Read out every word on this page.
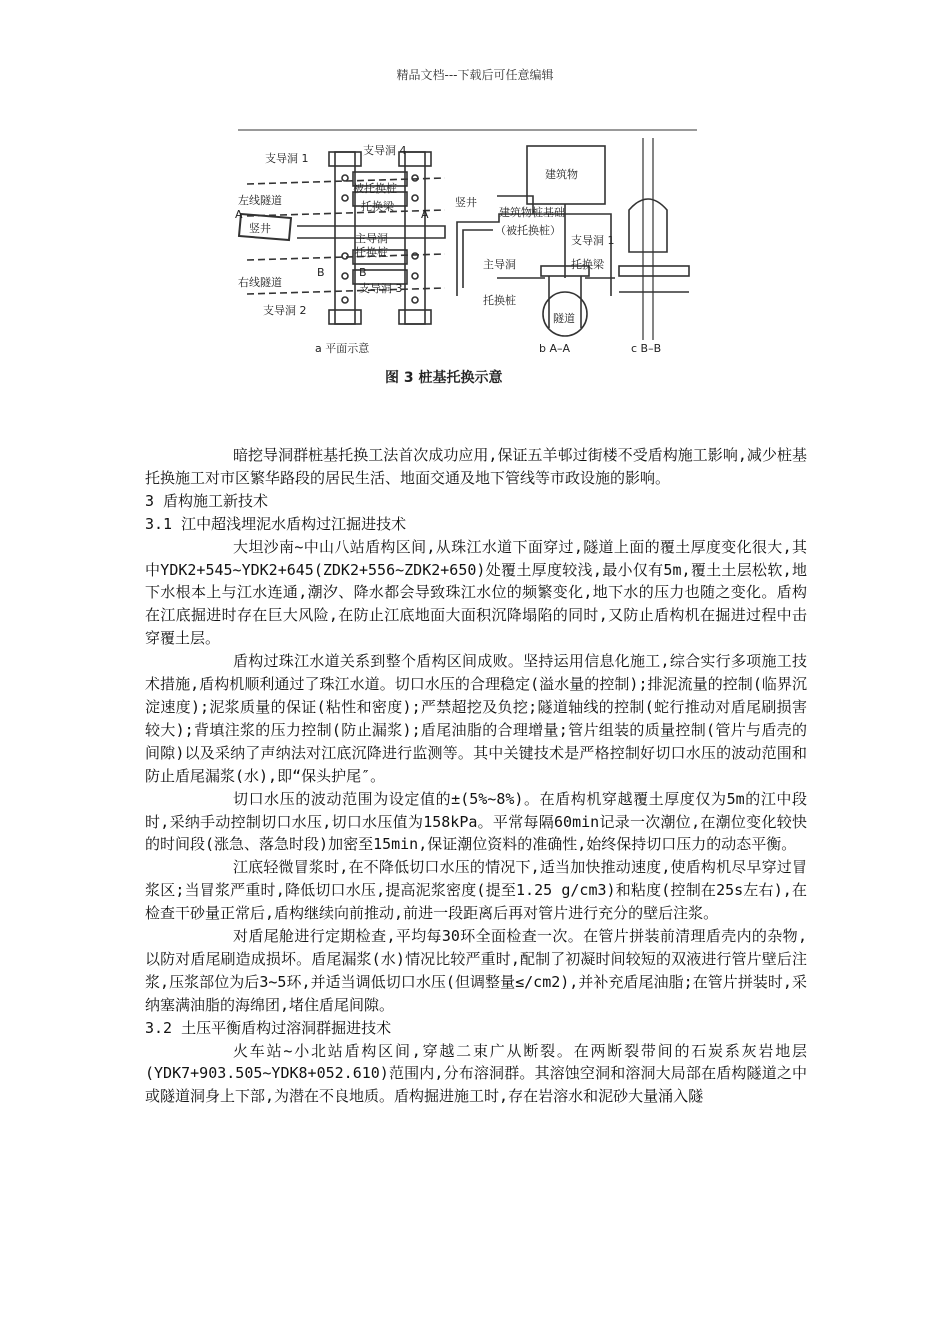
精品文档---下载后可任意编辑
支导洞 1
支导洞 4
左线隧道
被托换桩
托换梁
A
竖井
主导洞
托换桩
B	B
A
右线隧道	支导洞 3
支导洞 2
建筑物
建筑物桩基础
（被托换桩）
竖井
支导洞 1
主导洞	托换梁
托换桩
隧道
a 平面示意	b A–A	c B–B
图 3 桩基托换示意

暗挖导洞群桩基托换工法首次成功应用,保证五羊邨过街楼不受盾构施工影响,减少桩基托换施工对市区繁华路段的居民生活、地面交通及地下管线等市政设施的影响。

3 盾构施工新技术

3.1 江中超浅埋泥水盾构过江掘进技术

大坦沙南~中山八站盾构区间,从珠江水道下面穿过,隧道上面的覆土厚度变化很大,其中YDK2+545~YDK2+645(ZDK2+556~ZDK2+650)处覆土厚度较浅,最小仅有5m,覆土土层松软,地下水根本上与江水连通,潮汐、降水都会导致珠江水位的频繁变化,地下水的压力也随之变化。盾构在江底掘进时存在巨大风险,在防止江底地面大面积沉降塌陷的同时,又防止盾构机在掘进过程中击穿覆土层。

盾构过珠江水道关系到整个盾构区间成败。坚持运用信息化施工,综合实行多项施工技术措施,盾构机顺利通过了珠江水道。切口水压的合理稳定(溢水量的控制);排泥流量的控制(临界沉淀速度);泥浆质量的保证(粘性和密度);严禁超挖及负挖;隧道轴线的控制(蛇行推动对盾尾刷损害较大);背填注浆的压力控制(防止漏浆);盾尾油脂的合理增量;管片组装的质量控制(管片与盾壳的间隙)以及采纳了声纳法对江底沉降进行监测等。其中关键技术是严格控制好切口水压的波动范围和防止盾尾漏浆(水),即“保头护尾″。

切口水压的波动范围为设定值的±(5%~8%)。在盾构机穿越覆土厚度仅为5m的江中段时,采纳手动控制切口水压,切口水压值为158kPa。平常每隔60min记录一次潮位,在潮位变化较快的时间段(涨急、落急时段)加密至15min,保证潮位资料的准确性,始终保持切口压力的动态平衡。

江底轻微冒浆时,在不降低切口水压的情况下,适当加快推动速度,使盾构机尽早穿过冒浆区;当冒浆严重时,降低切口水压,提高泥浆密度(提至1.25 g/cm3)和粘度(控制在25s左右),在检查干砂量正常后,盾构继续向前推动,前进一段距离后再对管片进行充分的壁后注浆。

对盾尾舱进行定期检查,平均每30环全面检查一次。在管片拼装前清理盾壳内的杂物,以防对盾尾刷造成损坏。盾尾漏浆(水)情况比较严重时,配制了初凝时间较短的双液进行管片壁后注浆,压浆部位为后3~5环,并适当调低切口水压(但调整量≤/cm2),并补充盾尾油脂;在管片拼装时,采纳塞满油脂的海绵团,堵住盾尾间隙。

3.2 土压平衡盾构过溶洞群掘进技术

火车站~小北站盾构区间,穿越二束广从断裂。在两断裂带间的石炭系灰岩地层(YDK7+903.505~YDK8+052.610)范围内,分布溶洞群。其溶蚀空洞和溶洞大局部在盾构隧道之中或隧道洞身上下部,为潜在不良地质。盾构掘进施工时,存在岩溶水和泥砂大量涌入隧
